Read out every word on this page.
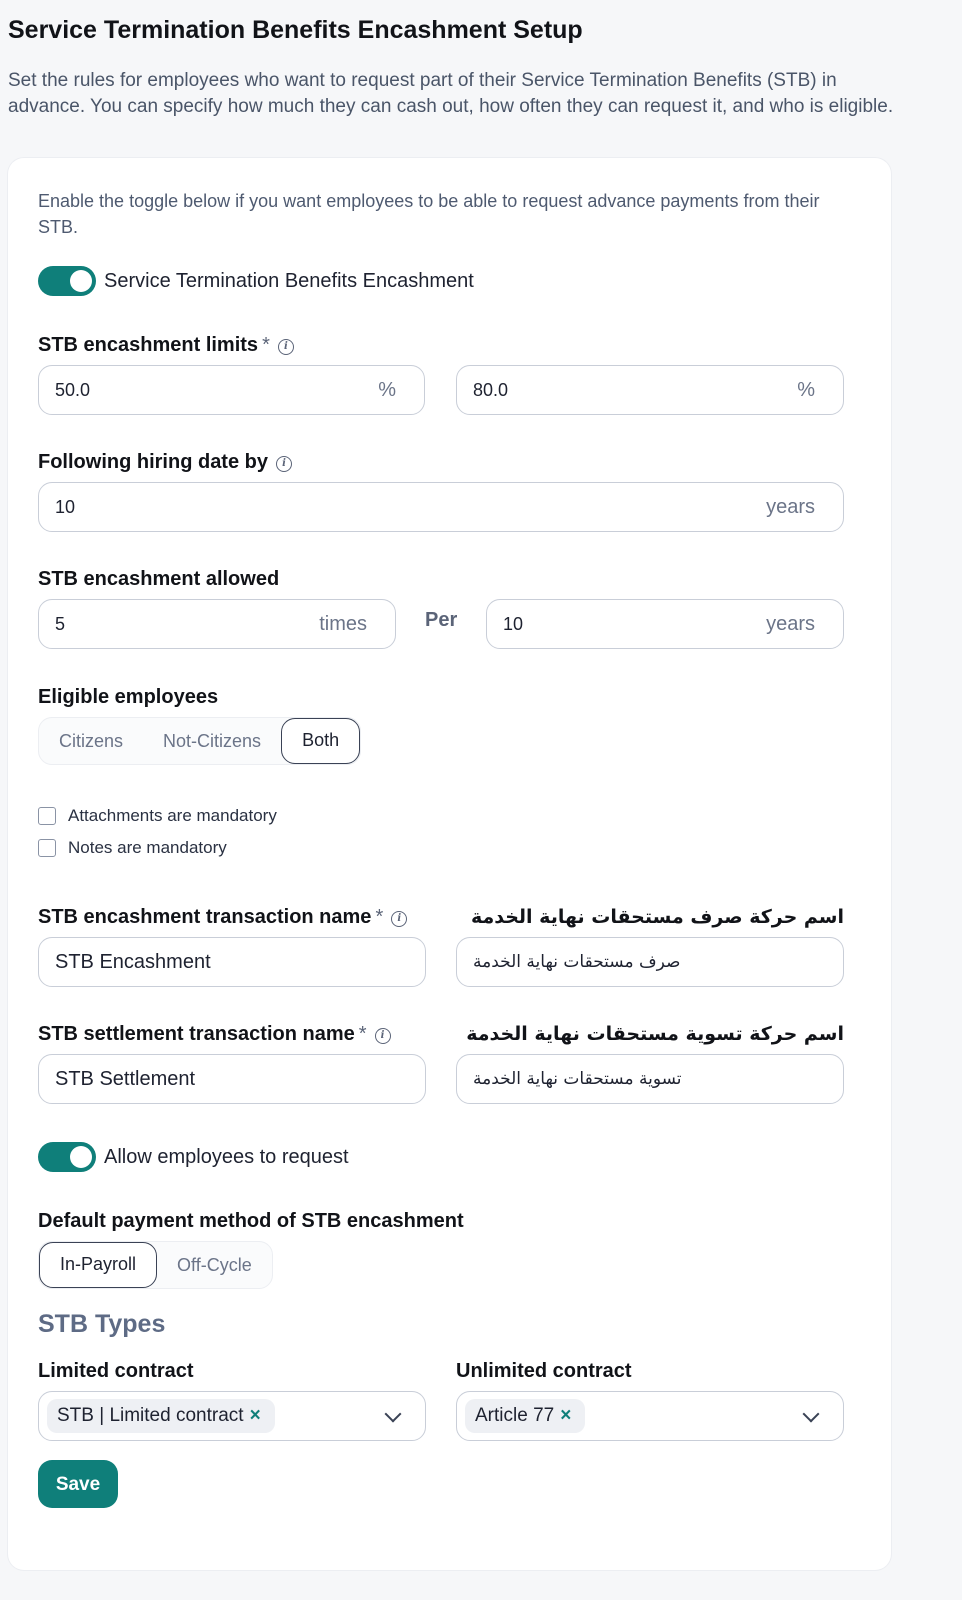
Service Termination Benefits Encashment Setup
Set the rules for employees who want to request part of their Service Termination Benefits (STB) in advance. You can specify how much they can cash out, how often they can request it, and who is eligible.
Enable the toggle below if you want employees to be able to request advance payments from their STB.
Service Termination Benefits Encashment
STB encashment limits * i
50.0	%	80.0	%
Following hiring date by i
10	years
STB encashment allowed
5	times	Per	10	years
Eligible employees
Citizens	Not-Citizens	Both
Attachments are mandatory
Notes are mandatory
STB encashment transaction name * i	اسم حركة صرف مستحقات نهاية الخدمة
STB Encashment	صرف مستحقات نهاية الخدمة
STB settlement transaction name * i	اسم حركة تسوية مستحقات نهاية الخدمة
STB Settlement	تسوية مستحقات نهاية الخدمة
Allow employees to request
Default payment method of STB encashment
In-Payroll	Off-Cycle
STB Types
Limited contract
STB | Limited contract ×
Unlimited contract
Article 77 ×
Save
